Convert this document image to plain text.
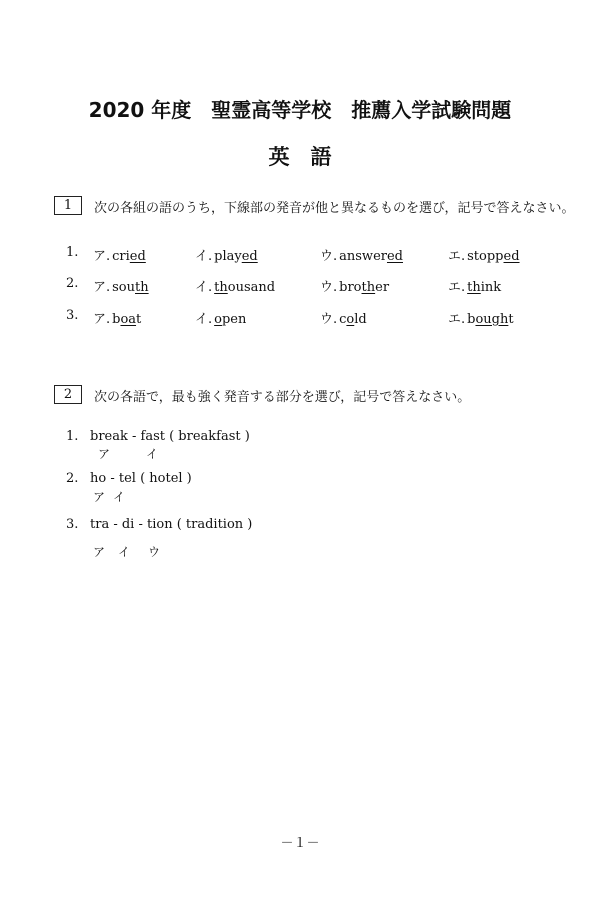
2020 年度　聖霊高等学校　推薦入学試験問題
英　語
1	次の各組の語のうち，下線部の発音が他と異なるものを選び，記号で答えなさい。
2	次の各語で，最も強く発音する部分を選び，記号で答えなさい。
－１－
1. ア. cried	イ. played	ウ. answered	エ. stopped
2. ア. south	イ. thousand	ウ. brother	エ. think
3. ア. boat	イ. open	ウ. cold	エ. bought
1. break - fast ( breakfast )
ア	イ
2. ho - tel ( hotel )
ア イ
3. tra - di - tion ( tradition )
ア イ ウ
